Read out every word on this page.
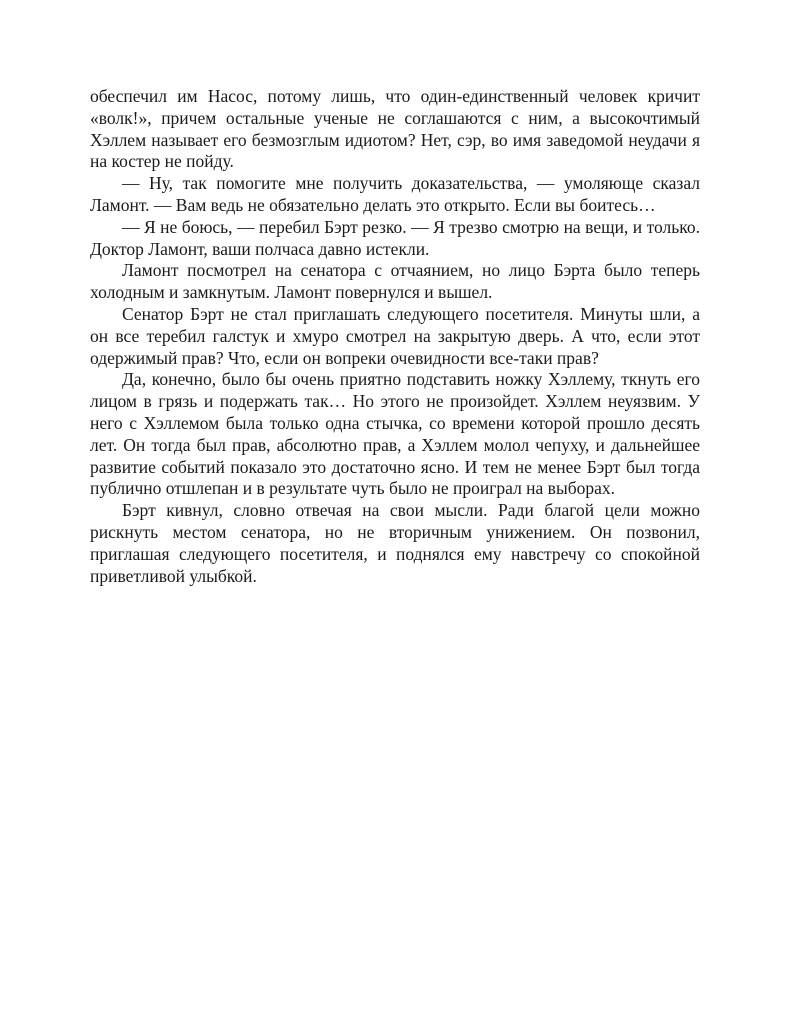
обеспечил им Насос, потому лишь, что один-единственный человек кричит «волк!», причем остальные ученые не соглашаются с ним, а высокочтимый Хэллем называет его безмозглым идиотом? Нет, сэр, во имя заведомой неудачи я на костер не пойду.

— Ну, так помогите мне получить доказательства, — умоляюще сказал Ламонт. — Вам ведь не обязательно делать это открыто. Если вы боитесь…

— Я не боюсь, — перебил Бэрт резко. — Я трезво смотрю на вещи, и только. Доктор Ламонт, ваши полчаса давно истекли.

Ламонт посмотрел на сенатора с отчаянием, но лицо Бэрта было теперь холодным и замкнутым. Ламонт повернулся и вышел.

Сенатор Бэрт не стал приглашать следующего посетителя. Минуты шли, а он все теребил галстук и хмуро смотрел на закрытую дверь. А что, если этот одержимый прав? Что, если он вопреки очевидности все-таки прав?

Да, конечно, было бы очень приятно подставить ножку Хэллему, ткнуть его лицом в грязь и подержать так… Но этого не произойдет. Хэллем неуязвим. У него с Хэллемом была только одна стычка, со времени которой прошло десять лет. Он тогда был прав, абсолютно прав, а Хэллем молол чепуху, и дальнейшее развитие событий показало это достаточно ясно. И тем не менее Бэрт был тогда публично отшлепан и в результате чуть было не проиграл на выборах.

Бэрт кивнул, словно отвечая на свои мысли. Ради благой цели можно рискнуть местом сенатора, но не вторичным унижением. Он позвонил, приглашая следующего посетителя, и поднялся ему навстречу со спокойной приветливой улыбкой.
